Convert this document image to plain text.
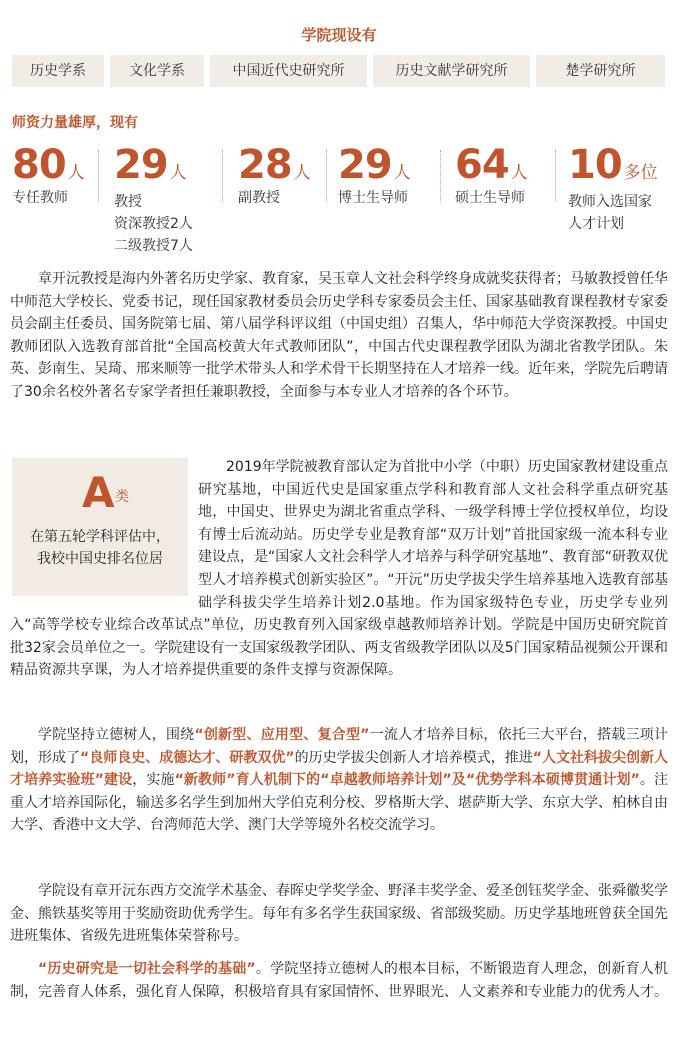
学院现设有
历史学系	文化学系	中国近代史研究所	历史文献学研究所	楚学研究所
师资力量雄厚，现有
80 人
专任教师
29 人
教授
资深教授2人
二级教授7人
28 人
副教授
29 人
博士生导师
64 人
硕士生导师
10 多位
教师入选国家
人才计划

章开沅教授是海内外著名历史学家、教育家，吴玉章人文社会科学终身成就奖获得者；马敏教授曾任华中师范大学校长、党委书记，现任国家教材委员会历史学科专家委员会主任、国家基础教育课程教材专家委员会副主任委员、国务院第七届、第八届学科评议组（中国史组）召集人，华中师范大学资深教授。中国史教师团队入选教育部首批“全国高校黄大年式教师团队”，中国古代史课程教学团队为湖北省教学团队。朱英、彭南生、吴琦、邢来顺等一批学术带头人和学术骨干长期坚持在人才培养一线。近年来，学院先后聘请了30余名校外著名专家学者担任兼职教授，全面参与本专业人才培养的各个环节。

A 类
在第五轮学科评估中，
我校中国史排名位居
2019年学院被教育部认定为首批中小学（中职）历史国家教材建设重点研究基地，中国近代史是国家重点学科和教育部人文社会科学重点研究基地，中国史、世界史为湖北省重点学科、一级学科博士学位授权单位，均设有博士后流动站。历史学专业是教育部“双万计划”首批国家级一流本科专业建设点，是“国家人文社会科学人才培养与科学研究基地”、教育部“研教双优型人才培养模式创新实验区”。“开沅”历史学拔尖学生培养基地入选教育部基础学科拔尖学生培养计划2.0基地。作为国家级特色专业，历史学专业列入“高等学校专业综合改革试点”单位，历史教育列入国家级卓越教师培养计划。学院是中国历史研究院首批32家会员单位之一。学院建设有一支国家级教学团队、两支省级教学团队以及5门国家精品视频公开课和精品资源共享课，为人才培养提供重要的条件支撑与资源保障。

学院坚持立德树人，围绕“创新型、应用型、复合型”一流人才培养目标，依托三大平台，搭载三项计划，形成了“良师良史、成德达才、研教双优”的历史学拔尖创新人才培养模式，推进“人文社科拔尖创新人才培养实验班”建设，实施“新教师”育人机制下的“卓越教师培养计划”及“优势学科本硕博贯通计划”。注重人才培养国际化，输送多名学生到加州大学伯克利分校、罗格斯大学、堪萨斯大学、东京大学、柏林自由大学、香港中文大学、台湾师范大学、澳门大学等境外名校交流学习。

学院设有章开沅东西方交流学术基金、春晖史学奖学金、野泽丰奖学金、爱圣创钰奖学金、张舜徽奖学金、熊铁基奖等用于奖励资助优秀学生。每年有多名学生获国家级、省部级奖励。历史学基地班曾获全国先进班集体、省级先进班集体荣誉称号。

“历史研究是一切社会科学的基础”。学院坚持立德树人的根本目标，不断锻造育人理念，创新育人机制，完善育人体系，强化育人保障，积极培育具有家国情怀、世界眼光、人文素养和专业能力的优秀人才。
